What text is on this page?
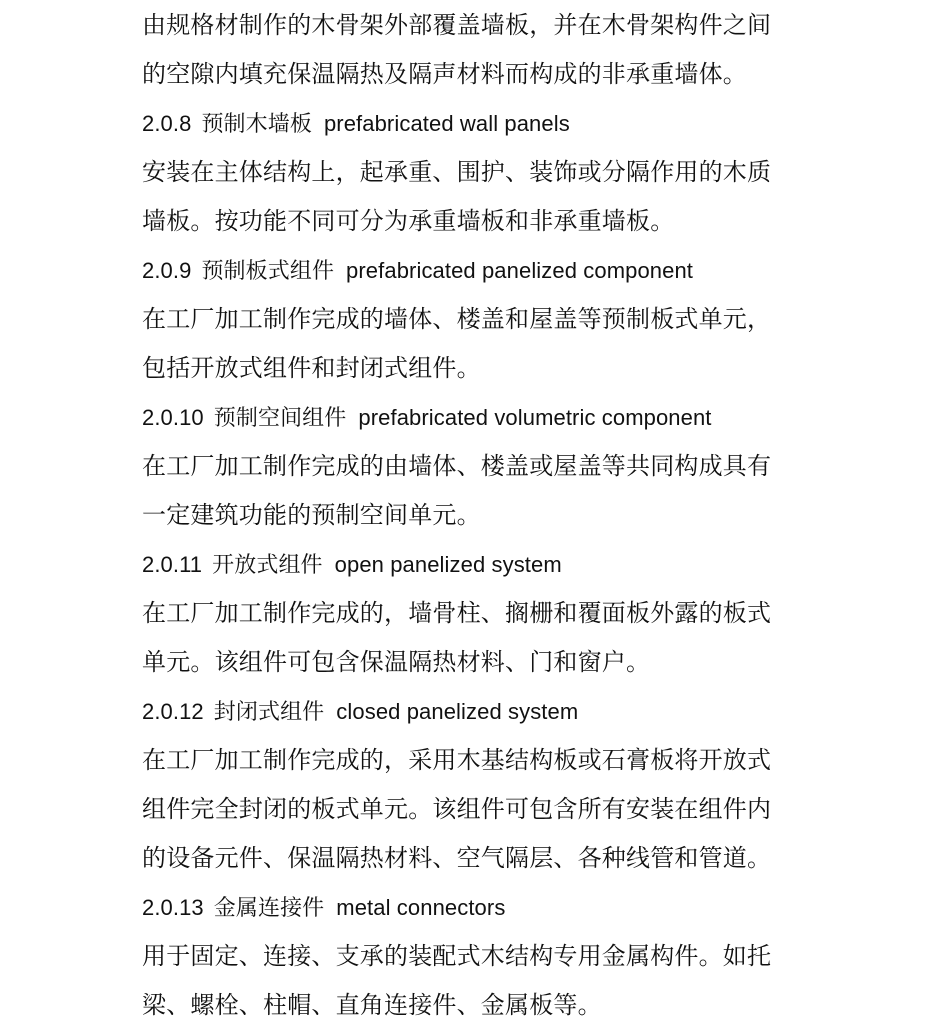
由规格材制作的木骨架外部覆盖墙板，并在木骨架构件之间
的空隙内填充保温隔热及隔声材料而构成的非承重墙体。
2.0.8 预制木墙板 prefabricated wall panels
安装在主体结构上，起承重、围护、装饰或分隔作用的木质
墙板。按功能不同可分为承重墙板和非承重墙板。
2.0.9 预制板式组件 prefabricated panelized component
在工厂加工制作完成的墙体、楼盖和屋盖等预制板式单元，
包括开放式组件和封闭式组件。
2.0.10 预制空间组件 prefabricated volumetric component
在工厂加工制作完成的由墙体、楼盖或屋盖等共同构成具有
一定建筑功能的预制空间单元。
2.0.11 开放式组件 open panelized system
在工厂加工制作完成的，墙骨柱、搁栅和覆面板外露的板式
单元。该组件可包含保温隔热材料、门和窗户。
2.0.12 封闭式组件 closed panelized system
在工厂加工制作完成的，采用木基结构板或石膏板将开放式
组件完全封闭的板式单元。该组件可包含所有安装在组件内
的设备元件、保温隔热材料、空气隔层、各种线管和管道。
2.0.13 金属连接件 metal connectors
用于固定、连接、支承的装配式木结构专用金属构件。如托
梁、螺栓、柱帽、直角连接件、金属板等。
